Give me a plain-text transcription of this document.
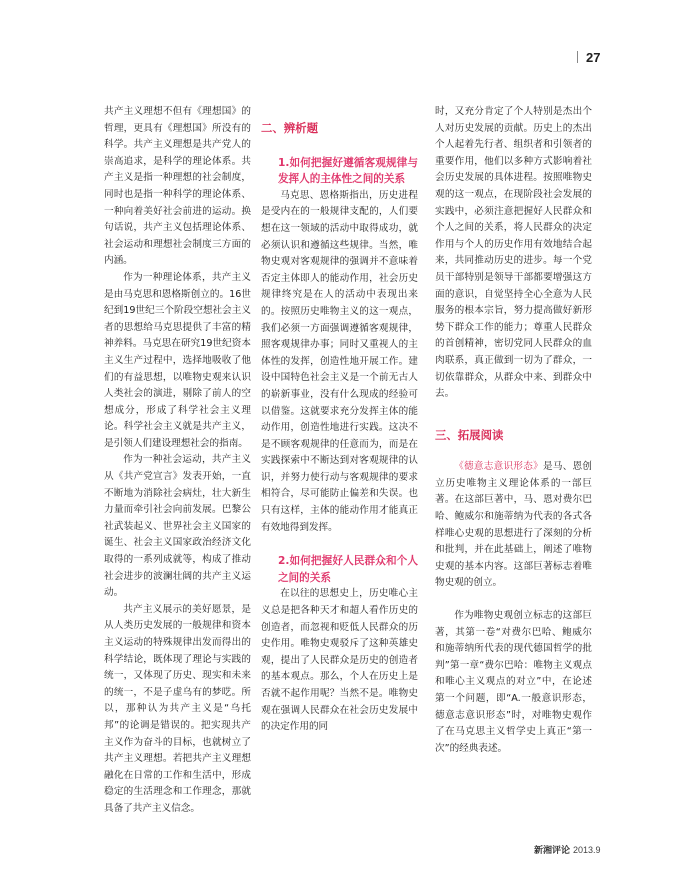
27

共产主义理想不但有《理想国》的哲理，更具有《理想国》所没有的科学。共产主义理想是共产党人的崇高追求，是科学的理论体系。共产主义是指一种理想的社会制度，同时也是指一种科学的理论体系、一种向着美好社会前进的运动。换句话说，共产主义包括理论体系、社会运动和理想社会制度三方面的内涵。

作为一种理论体系，共产主义是由马克思和恩格斯创立的。16世纪到19世纪三个阶段空想社会主义者的思想给马克思提供了丰富的精神养料。马克思在研究19世纪资本主义生产过程中，选择地吸收了他们的有益思想，以唯物史观来认识人类社会的演进，剔除了前人的空想成分，形成了科学社会主义理论。科学社会主义就是共产主义，是引领人们建设理想社会的指南。

作为一种社会运动，共产主义从《共产党宣言》发表开始，一直不断地为消除社会病灶，壮大新生力量而牵引社会向前发展。巴黎公社武装起义、世界社会主义国家的诞生、社会主义国家政治经济文化取得的一系列成就等，构成了推动社会进步的波澜壮阔的共产主义运动。

共产主义展示的美好愿景，是从人类历史发展的一般规律和资本主义运动的特殊规律出发而得出的科学结论，既体现了理论与实践的统一，又体现了历史、现实和未来的统一，不是子虚乌有的梦呓。所以，那种认为共产主义是“乌托邦”的论调是错误的。把实现共产主义作为奋斗的目标，也就树立了共产主义理想。若把共产主义理想融化在日常的工作和生活中，形成稳定的生活理念和工作理念，那就具备了共产主义信念。

二、辨析题

1.如何把握好遵循客观规律与发挥人的主体性之间的关系

马克思、恩格斯指出，历史进程是受内在的一般规律支配的，人们要想在这一领域的活动中取得成功，就必须认识和遵循这些规律。当然，唯物史观对客观规律的强调并不意味着否定主体即人的能动作用，社会历史规律终究是在人的活动中表现出来的。按照历史唯物主义的这一观点，我们必须一方面强调遵循客观规律，照客观规律办事；同时又重视人的主体性的发挥，创造性地开展工作。建设中国特色社会主义是一个前无古人的崭新事业，没有什么现成的经验可以借鉴。这就要求充分发挥主体的能动作用，创造性地进行实践。这决不是不顾客观规律的任意而为，而是在实践探索中不断达到对客观规律的认识，并努力使行动与客观规律的要求相符合，尽可能防止偏差和失误。也只有这样，主体的能动作用才能真正有效地得到发挥。

2.如何把握好人民群众和个人之间的关系

在以往的思想史上，历史唯心主义总是把各种天才和超人看作历史的创造者，而忽视和贬低人民群众的历史作用。唯物史观驳斥了这种英雄史观，提出了人民群众是历史的创造者的基本观点。那么，个人在历史上是否就不起作用呢？当然不是。唯物史观在强调人民群众在社会历史发展中的决定作用的同

时，又充分肯定了个人特别是杰出个人对历史发展的贡献。历史上的杰出个人起着先行者、组织者和引领者的重要作用，他们以多种方式影响着社会历史发展的具体进程。按照唯物史观的这一观点，在现阶段社会发展的实践中，必须注意把握好人民群众和个人之间的关系，将人民群众的决定作用与个人的历史作用有效地结合起来，共同推动历史的进步。每一个党员干部特别是领导干部都要增强这方面的意识，自觉坚持全心全意为人民服务的根本宗旨，努力提高做好新形势下群众工作的能力；尊重人民群众的首创精神，密切党同人民群众的血肉联系，真正做到一切为了群众，一切依靠群众，从群众中来、到群众中去。

三、拓展阅读

《德意志意识形态》是马、恩创立历史唯物主义理论体系的一部巨著。在这部巨著中，马、恩对费尔巴哈、鲍威尔和施蒂纳为代表的各式各样唯心史观的思想进行了深刻的分析和批判，并在此基础上，阐述了唯物史观的基本内容。这部巨著标志着唯物史观的创立。

作为唯物史观创立标志的这部巨著，其第一卷“对费尔巴哈、鲍威尔和施蒂纳所代表的现代德国哲学的批判”第一章“费尔巴哈：唯物主义观点和唯心主义观点的对立”中，在论述第一个问题，即“A.一般意识形态，德意志意识形态”时，对唯物史观作了在马克思主义哲学史上真正“第一次”的经典表述。

新湘评论 2013.9
